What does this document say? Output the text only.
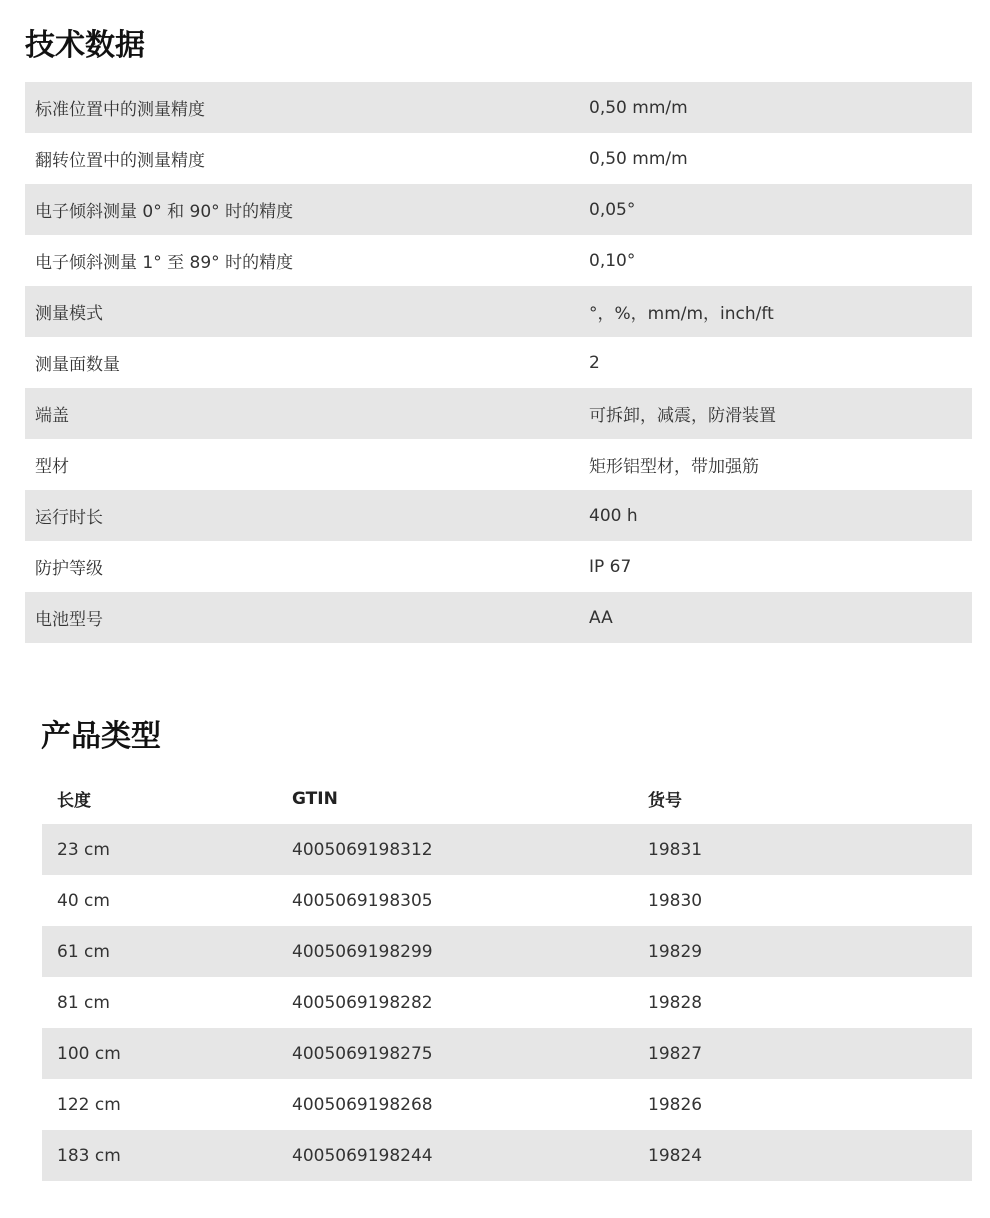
技术数据
标准位置中的测量精度	0,50 mm/m
翻转位置中的测量精度	0,50 mm/m
电子倾斜测量 0° 和 90° 时的精度	0,05°
电子倾斜测量 1° 至 89° 时的精度	0,10°
测量模式	°，%，mm/m，inch/ft
测量面数量	2
端盖	可拆卸，减震，防滑装置
型材	矩形铝型材，带加强筋
运行时长	400 h
防护等级	IP 67
电池型号	AA
产品类型
长度	GTIN	货号
23 cm	4005069198312	19831
40 cm	4005069198305	19830
61 cm	4005069198299	19829
81 cm	4005069198282	19828
100 cm	4005069198275	19827
122 cm	4005069198268	19826
183 cm	4005069198244	19824
